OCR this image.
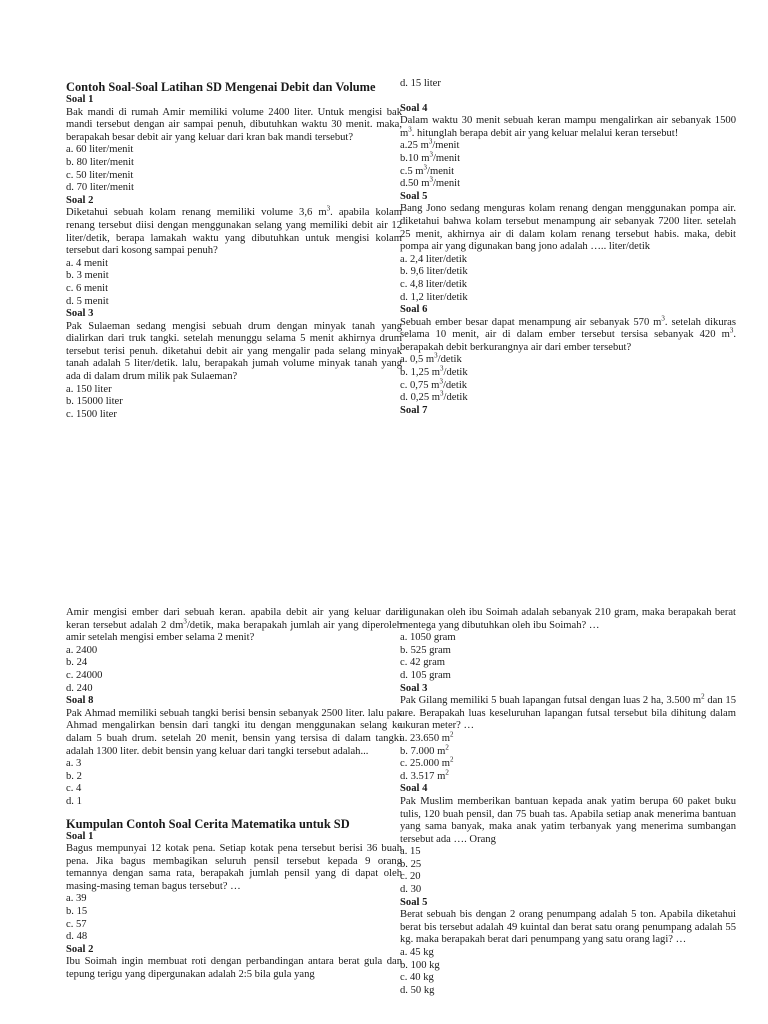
Contoh Soal-Soal Latihan SD Mengenai Debit dan Volume

Soal 1

Bak mandi di rumah Amir memiliki volume 2400 liter. Untuk mengisi bak mandi tersebut dengan air sampai penuh, dibutuhkan waktu 30 menit. maka, berapakah besar debit air yang keluar dari kran bak mandi tersebut?

a. 60 liter/menit

b. 80 liter/menit

c. 50 liter/menit

d. 70 liter/menit

Soal 2

Diketahui sebuah kolam renang memiliki volume 3,6 $m^3$. apabila kolam renang tersebut diisi dengan menggunakan selang yang memiliki debit air 12 liter/detik, berapa lamakah waktu yang dibutuhkan untuk mengisi kolam tersebut dari kosong sampai penuh?

a. 4 menit

b. 3 menit

c. 6 menit

d. 5 menit

Soal 3

Pak Sulaeman sedang mengisi sebuah drum dengan minyak tanah yang dialirkan dari truk tangki. setelah menunggu selama 5 menit akhirnya drum tersebut terisi penuh. diketahui debit air yang mengalir pada selang minyak tanah adalah 5 liter/detik. lalu, berapakah jumah volume minyak tanah yang ada di dalam drum milik pak Sulaeman?

a. 150 liter

b. 15000 liter

c. 1500 liter

d. 15 liter

Soal 4

Dalam waktu 30 menit sebuah keran mampu mengalirkan air sebanyak 1500 $m^3$. hitunglah berapa debit air yang keluar melalui keran tersebut!

a.25 $m^3$/menit

b.10 $m^3$/menit

c.5 $m^3$/menit

d.50 $m^3$/menit

Soal 5

Bang Jono sedang menguras kolam renang dengan menggunakan pompa air. diketahui bahwa kolam tersebut menampung air sebanyak 7200 liter. setelah 25 menit, akhirnya air di dalam kolam renang tersebut habis. maka, debit pompa air yang digunakan bang jono adalah ….. liter/detik

a. 2,4 liter/detik

b. 9,6 liter/detik

c. 4,8 liter/detik

d. 1,2 liter/detik

Soal 6

Sebuah ember besar dapat menampung air sebanyak 570 $m^3$. setelah dikuras selama 10 menit, air di dalam ember tersebut tersisa sebanyak 420 $m^3$. berapakah debit berkurangnya air dari ember tersebut?

a. 0,5 $m^3$/detik

b. 1,25 $m^3$/detik

c. 0,75 $m^3$/detik

d. 0,25 $m^3$/detik

Soal 7

Amir mengisi ember dari sebuah keran. apabila debit air yang keluar dari keran tersebut adalah 2 $dm^3$/detik, maka berapakah jumlah air yang diperoleh amir setelah mengisi ember selama 2 menit?

a. 2400

b. 24

c. 24000

d. 240

Soal 8

Pak Ahmad memiliki sebuah tangki berisi bensin sebanyak 2500 liter. lalu pak Ahmad mengalirkan bensin dari tangki itu dengan menggunakan selang ke dalam 5 buah drum. setelah 20 menit, bensin yang tersisa di dalam tangki adalah 1300 liter. debit bensin yang keluar dari tangki tersebut adalah...

a. 3

b. 2

c. 4

d. 1

Kumpulan Contoh Soal Cerita Matematika untuk SD

Soal 1

Bagus mempunyai 12 kotak pena. Setiap kotak pena tersebut berisi 36 buah pena. Jika bagus membagikan seluruh pensil tersebut kepada 9 orang temannya dengan sama rata, berapakah jumlah pensil yang di dapat oleh masing-masing teman bagus tersebut? …

a. 39

b. 15

c. 57

d. 48

Soal 2

Ibu Soimah ingin membuat roti dengan perbandingan antara berat gula dan tepung terigu yang dipergunakan adalah 2:5 bila gula yang

digunakan oleh ibu Soimah adalah sebanyak 210 gram, maka berapakah berat mentega yang dibutuhkan oleh ibu Soimah? …

a. 1050 gram

b. 525 gram

c. 42 gram

d. 105 gram

Soal 3

Pak Gilang memiliki 5 buah lapangan futsal dengan luas 2 ha, 3.500 $m^2$ dan 15 are. Berapakah luas keseluruhan lapangan futsal tersebut bila dihitung dalam ukuran meter? …

a. 23.650 $m^2$

b. 7.000 $m^2$

c. 25.000 $m^2$

d. 3.517 $m^2$

Soal 4

Pak Muslim memberikan bantuan kepada anak yatim berupa 60 paket buku tulis, 120 buah pensil, dan 75 buah tas. Apabila setiap anak menerima bantuan yang sama banyak, maka anak yatim terbanyak yang menerima sumbangan tersebut ada …. Orang

a. 15

b. 25

c. 20

d. 30

Soal 5

Berat sebuah bis dengan 2 orang penumpang adalah 5 ton. Apabila diketahui berat bis tersebut adalah 49 kuintal dan berat satu orang penumpang adalah 55 kg. maka berapakah berat dari penumpang yang satu orang lagi? …

a. 45 kg

b. 100 kg

c. 40 kg

d. 50 kg
